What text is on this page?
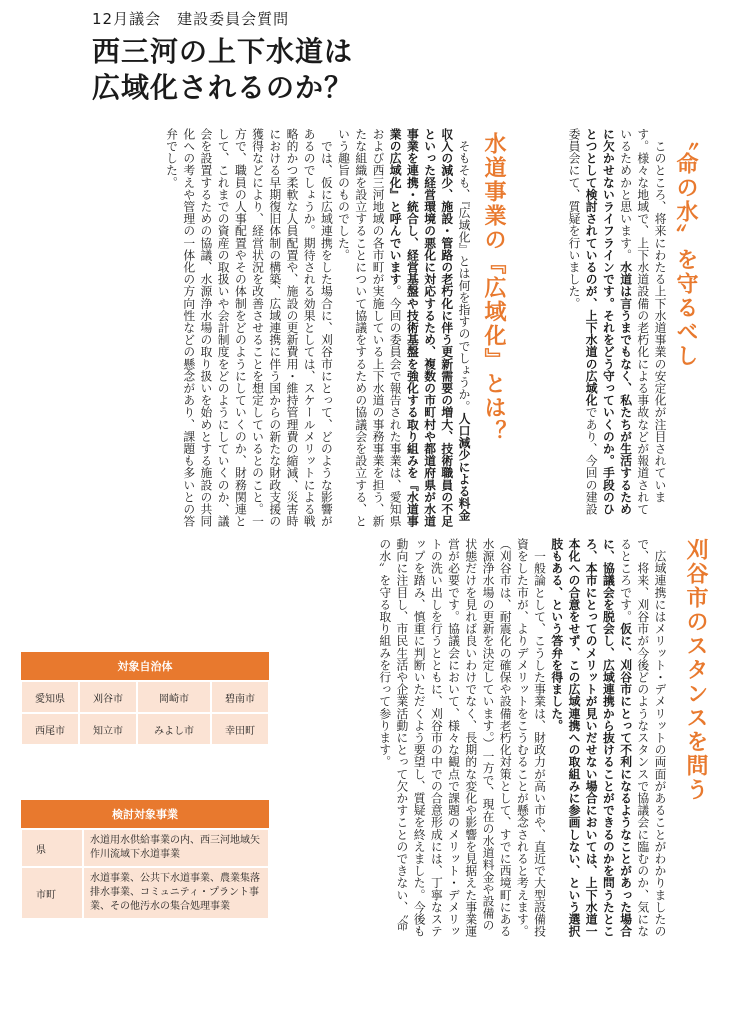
12月議会　建設委員会質問
西三河の上下水道は
広域化されるのか？
〝命の水〟を守るべし
　このところ、将来にわたる上下水道事業の安定化が注目されています。様々な地域で、上下水道設備の老朽化による事故などが報道されているためかと思います。水道は言うまでもなく、私たちが生活するために欠かせないライフラインです。それをどう守っていくのか。手段のひとつとして検討されているのが、上下水道の広域化であり、今回の建設委員会にて、質疑を行いました。
水道事業の『広域化』とは？
　そもそも、『広域化』とは何を指すのでしょうか。人口減少による料金収入の減少、施設・管路の老朽化に伴う更新需要の増大、技術職員の不足といった経営環境の悪化に対応するため、複数の市町村や都道府県が水道事業を連携・統合し、経営基盤や技術基盤を強化する取り組みを『水道事業の広域化』と呼んでいます。今回の委員会で報告された事業は、愛知県および西三河地域の各市町が実施している上下水道の事務事業を担う、新たな組織を設立することについて協議をするための協議会を設立する、という趣旨のものでした。
　では、仮に広域連携をした場合に、刈谷市にとって、どのような影響があるのでしょうか。期待される効果としては、スケールメリットによる戦略的かつ柔軟な人員配置や、施設の更新費用・維持管理費の縮減、災害時における早期復旧体制の構築、広域連携に伴う国からの新たな財政支援の獲得などにより、経営状況を改善させることを想定しているとのこと。一方で、職員の人事配置やその体制をどのようにしていくのか、財務関連として、これまでの資産の取扱いや会計制度をどのようにしていくのか、議会を設置するための協議、水源浄水場の取り扱いを始めとする施設の共同化への考えや管理の一体化の方向性などの懸念があり、課題も多いとの答弁でした。
刈谷市のスタンスを問う
　広域連携にはメリット・デメリットの両面があることがわかりましたので、将来、刈谷市が今後どのようなスタンスで協議会に臨むのか、気になるところです。仮に、刈谷市にとって不利になるようなことがあった場合に、協議会を脱会し、広域連携から抜けることができるのかを問うたところ、本市にとってのメリットが見いだせない場合においては、上下水道一本化への合意をせず、この広域連携への取組みに参画しない、という選択肢もある、という答弁を得ました。
　一般論として、こうした事業は、財政力が高い市や、直近で大型設備投資をした市が、よりデメリットをこうむることが懸念されると考えます。（刈谷市は、耐震化の確保や設備老朽化対策として、すでに西境町にある水源浄水場の更新を決定しています。）一方で、現在の水道料金や設備の状態だけを見れば良いわけでなく、長期的な変化や影響を見据えた事業運営が必要です。協議会において、様々な観点で課題のメリット・デメリットの洗い出しを行うとともに、刈谷市の中での合意形成には、丁寧なステップを踏み、慎重に判断いただくよう要望し、質疑を終えました。今後も動向に注目し、市民生活や企業活動にとって欠かすことのできない、〝命の水〟を守る取り組みを行って参ります。
対象自治体			
愛知県	刈谷市	岡崎市	碧南市
西尾市	知立市	みよし市	幸田町
検討対象事業	
県	水道用水供給事業の内、西三河地域矢作川流域下水道事業
市町	水道事業、公共下水道事業、農業集落排水事業、コミュニティ・プラント事業、その他汚水の集合処理事業
